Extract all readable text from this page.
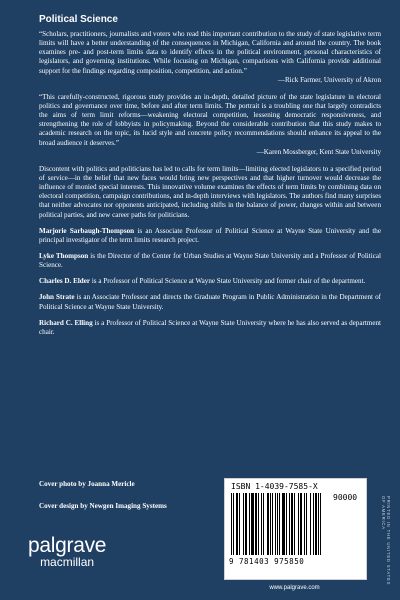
Political Science

“Scholars, practitioners, journalists and voters who read this important contribution to the study of state legislative term limits will have a better understanding of the consequences in Michigan, California and around the country. The book examines pre- and post-term limits data to identify effects in the political environment, personal characteristics of legislators, and governing institutions. While focusing on Michigan, comparisons with California provide additional support for the findings regarding composition, competition, and action.”

—Rick Farmer, University of Akron

“This carefully-constructed, rigorous study provides an in-depth, detailed picture of the state legislature in electoral politics and governance over time, before and after term limits. The portrait is a troubling one that largely contradicts the aims of term limit reforms—weakening electoral competition, lessening democratic responsiveness, and strengthening the role of lobbyists in policymaking. Beyond the considerable contribution that this study makes to academic research on the topic, its lucid style and concrete policy recommendations should enhance its appeal to the broad audience it deserves.”

—Karen Mossberger, Kent State University

Discontent with politics and politicians has led to calls for term limits—limiting elected legislators to a specified period of service—in the belief that new faces would bring new perspectives and that higher turnover would decrease the influence of monied special interests. This innovative volume examines the effects of term limits by combining data on electoral competition, campaign contributions, and in-depth interviews with legislators. The authors find many surprises that neither advocates nor opponents anticipated, including shifts in the balance of power, changes within and between political parties, and new career paths for politicians.

Marjorie Sarbaugh-Thompson is an Associate Professor of Political Science at Wayne State University and the principal investigator of the term limits research project.

Lyke Thompson is the Director of the Center for Urban Studies at Wayne State University and a Professor of Political Science.

Charles D. Elder is a Professor of Political Science at Wayne State University and former chair of the department.

John Strate is an Associate Professor and directs the Graduate Program in Public Administration in the Department of Political Science at Wayne State University.

Richard C. Elling is a Professor of Political Science at Wayne State University where he has also served as department chair.

Cover photo by Joanna Mericle
Cover design by Newgen Imaging Systems
palgrave
macmillan
ISBN 1-4039-7585-X
90000
9 781403 975850
www.palgrave.com
PRINTED IN THE UNITED STATES OF AMERICA
